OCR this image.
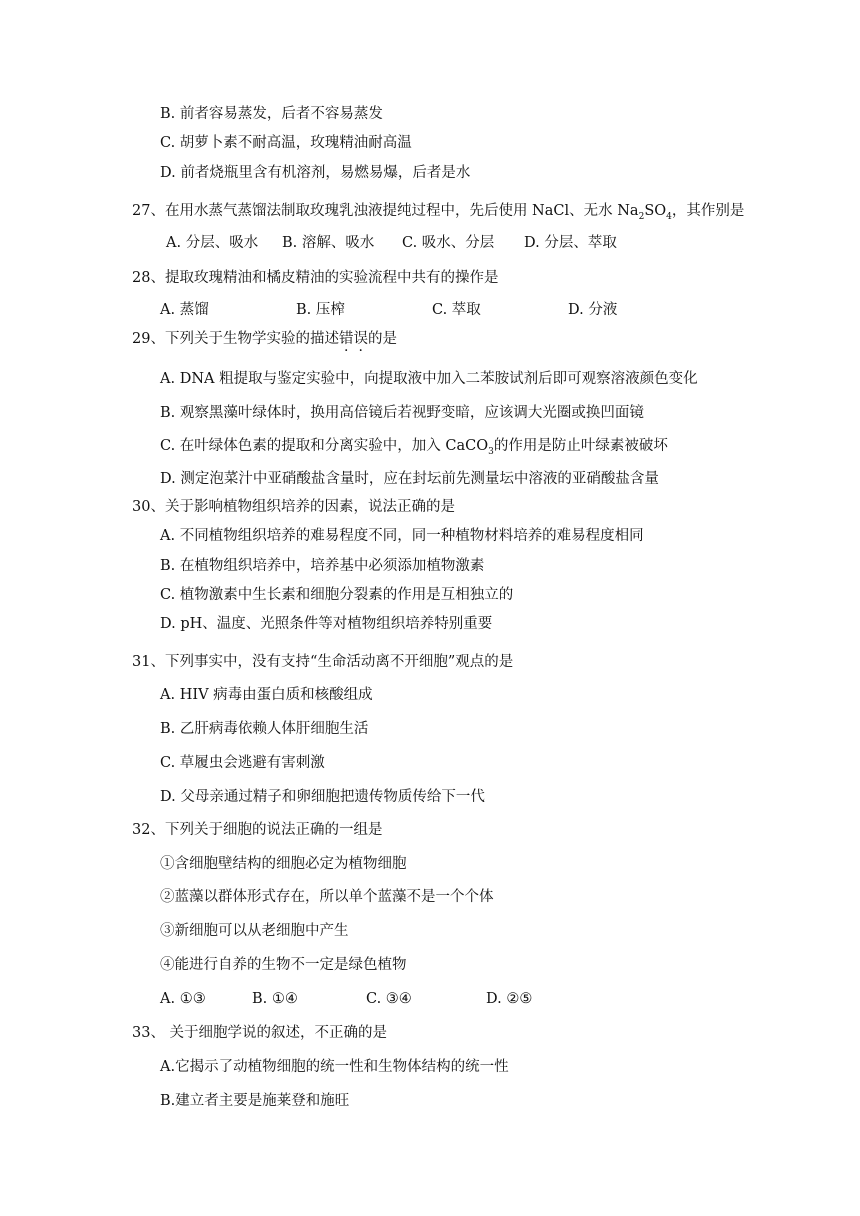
B. 前者容易蒸发，后者不容易蒸发
C. 胡萝卜素不耐高温，玫瑰精油耐高温
D. 前者烧瓶里含有机溶剂，易燃易爆，后者是水
27、在用水蒸气蒸馏法制取玫瑰乳浊液提纯过程中，先后使用 NaCl、无水 $Na_2SO_4$，其作别是
A. 分层、吸水 B. 溶解、吸水 C. 吸水、分层 D. 分层、萃取
28、提取玫瑰精油和橘皮精油的实验流程中共有的操作是
A. 蒸馏	B. 压榨	C. 萃取	D. 分液
29、下列关于生物学实验的描述错误的是
A. DNA 粗提取与鉴定实验中，向提取液中加入二苯胺试剂后即可观察溶液颜色变化
B. 观察黑藻叶绿体时，换用高倍镜后若视野变暗，应该调大光圈或换凹面镜
C. 在叶绿体色素的提取和分离实验中，加入 CaCO$_3$的作用是防止叶绿素被破坏
D. 测定泡菜汁中亚硝酸盐含量时，应在封坛前先测量坛中溶液的亚硝酸盐含量
30、关于影响植物组织培养的因素，说法正确的是
A. 不同植物组织培养的难易程度不同，同一种植物材料培养的难易程度相同
B. 在植物组织培养中，培养基中必须添加植物激素
C. 植物激素中生长素和细胞分裂素的作用是互相独立的
D. pH、温度、光照条件等对植物组织培养特别重要
31、下列事实中，没有支持“生命活动离不开细胞”观点的是
A. HIV 病毒由蛋白质和核酸组成
B. 乙肝病毒依赖人体肝细胞生活
C. 草履虫会逃避有害刺激
D. 父母亲通过精子和卵细胞把遗传物质传给下一代
32、下列关于细胞的说法正确的一组是
①含细胞壁结构的细胞必定为植物细胞
②蓝藻以群体形式存在，所以单个蓝藻不是一个个体
③新细胞可以从老细胞中产生
④能进行自养的生物不一定是绿色植物
A. ①③	B. ①④	C. ③④	D. ②⑤
33、 关于细胞学说的叙述，不正确的是
A.它揭示了动植物细胞的统一性和生物体结构的统一性
B.建立者主要是施莱登和施旺
